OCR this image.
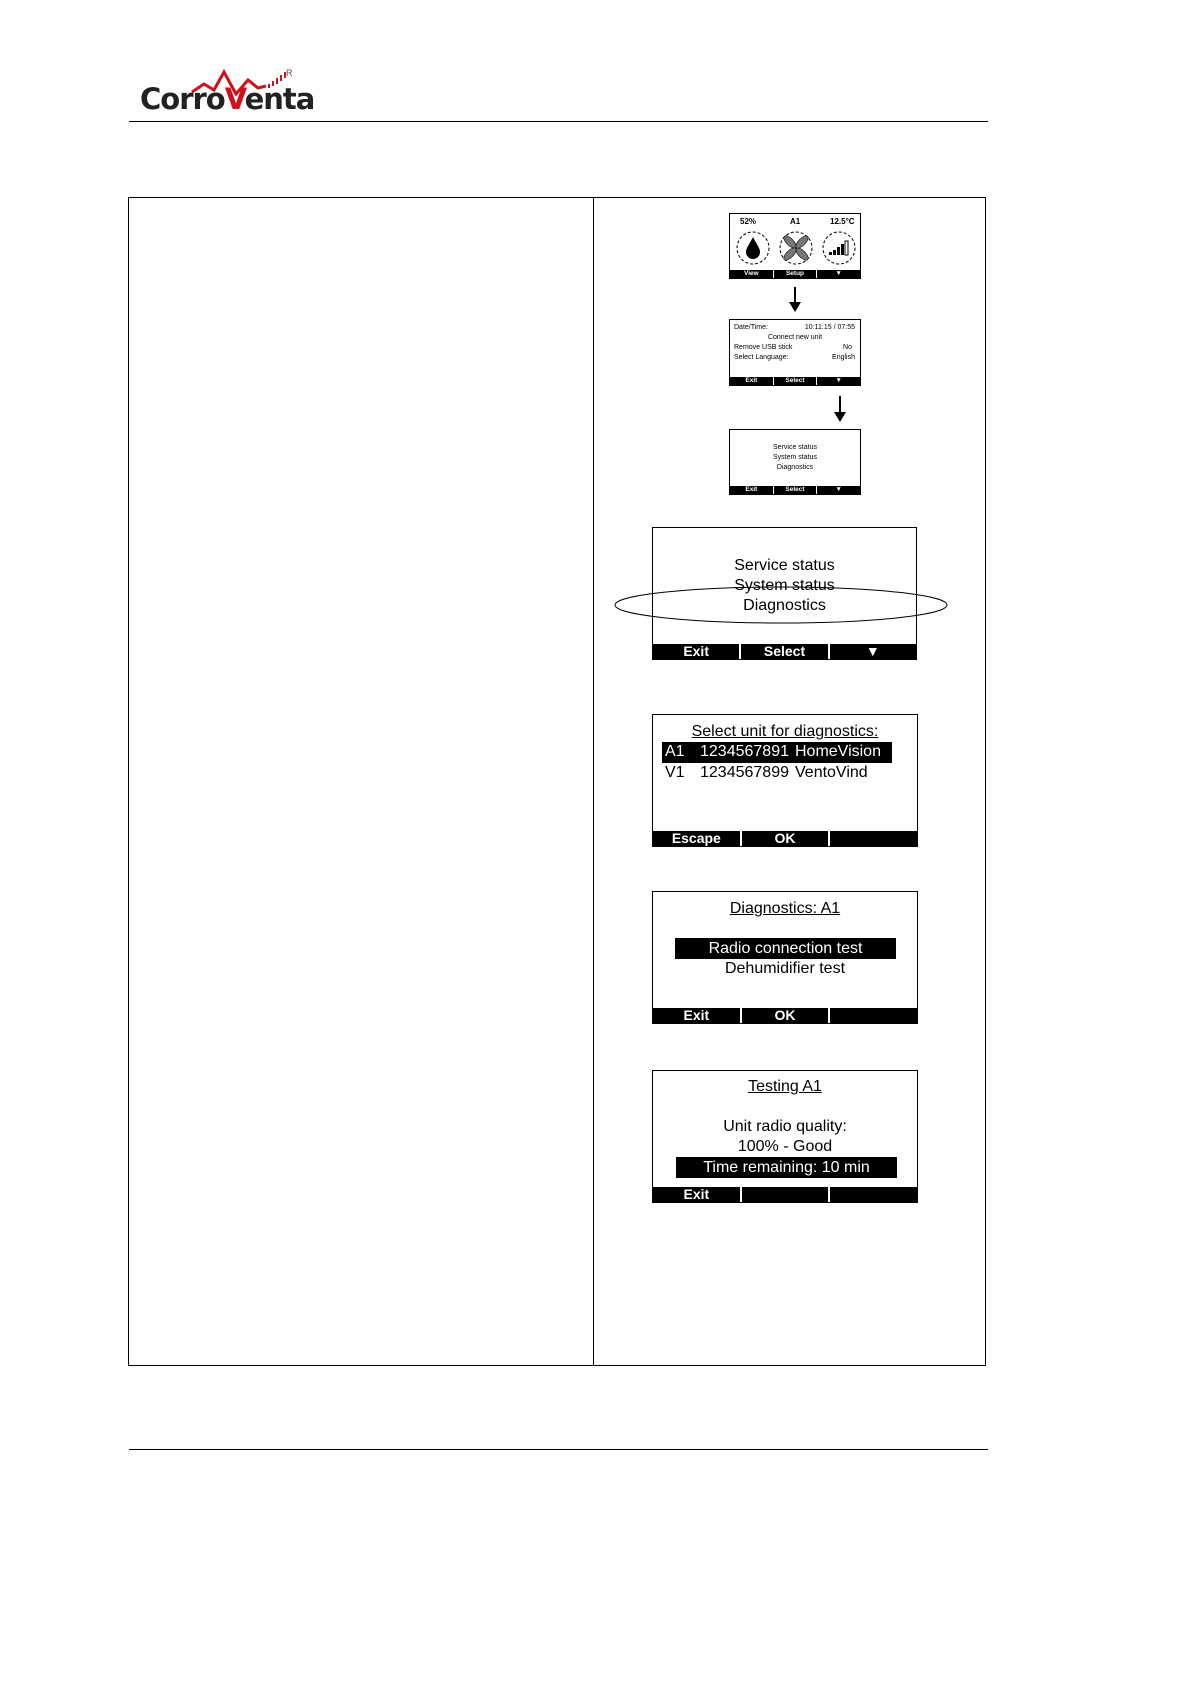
CorroVenta
R
52%	A1	12.5°C
View	Setup	▼
Date/Time:	10:11:15 / 07:55
Connect new unit
Remove USB stick	No
Select Language:	English
Exit	Select	▼
Service status
System status
Diagnostics
Exit	Select	▼
Service status
System status
Diagnostics
Exit	Select	▼
Select unit for diagnostics:
A1 1234567891 HomeVision
V1 1234567899 VentoVind
Escape	OK
Diagnostics: A1
Radio connection test
Dehumidifier test
Exit	OK
Testing A1
Unit radio quality:
100% - Good
Time remaining: 10 min
Exit
